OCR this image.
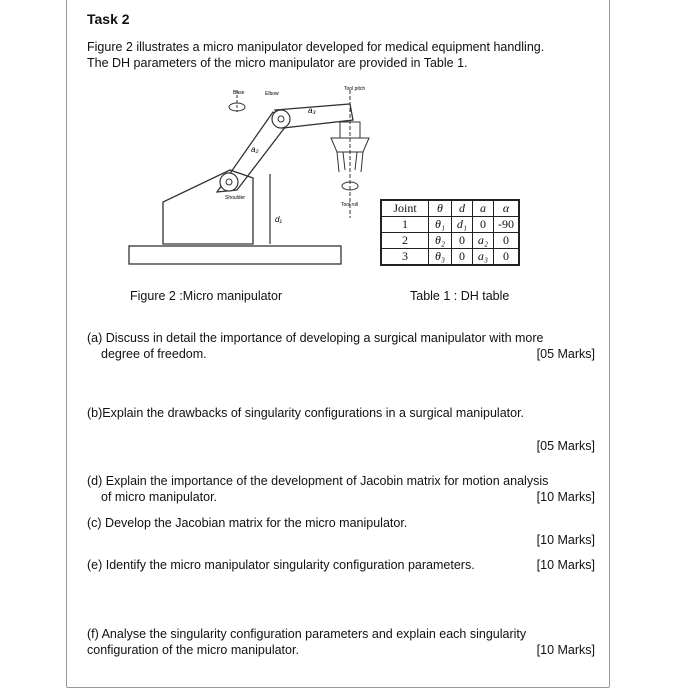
Task 2
Figure 2 illustrates a micro manipulator developed for medical equipment handling.
The DH parameters of the micro manipulator are provided in Table 1.
Base	Elbow
Tool pitch
a₃
a₂
d₁
Shoulder
Tool roll	Joint	θ	d	a	α
1	θ₁	d₁	0	-90
2	θ₂	0	a₂	0
3	θ₃	0	a₃	0
Figure 2 :Micro manipulator	Table 1 : DH table
(a) Discuss in detail the importance of developing a surgical manipulator with more
degree of freedom.	[05 Marks]
(b)Explain the drawbacks of singularity configurations in a surgical manipulator.
[05 Marks]
(d) Explain the importance of the development of Jacobin matrix for motion analysis
of micro manipulator.	[10 Marks]
(c) Develop the Jacobian matrix for the micro manipulator.
[10 Marks]
(e) Identify the micro manipulator singularity configuration parameters.	[10 Marks]
(f) Analyse the singularity configuration parameters and explain each singularity
configuration of the micro manipulator.	[10 Marks]
